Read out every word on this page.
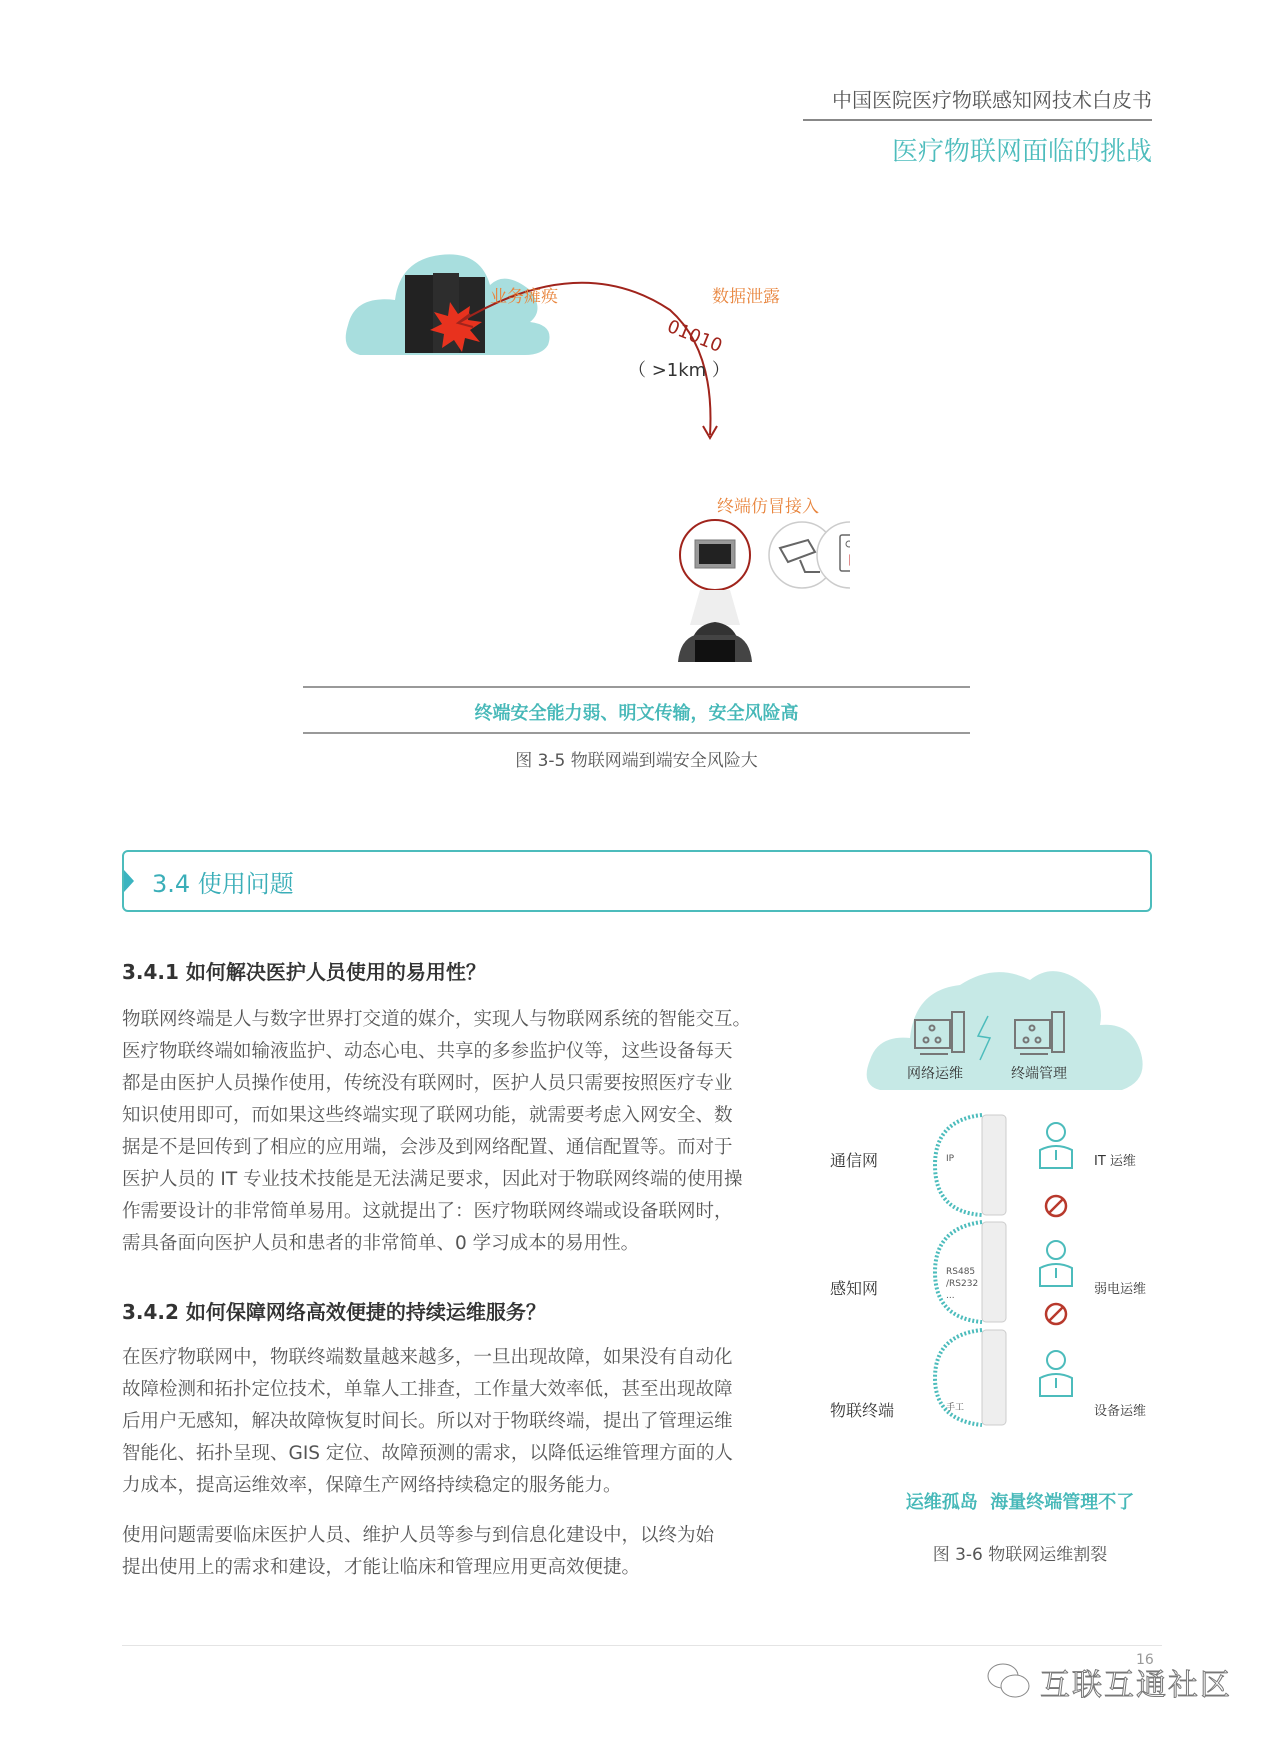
中国医院医疗物联感知网技术白皮书
医疗物联网面临的挑战
业务瘫痪	数据泄露
01010
（ >1km ）
终端仿冒接入
终端安全能力弱、明文传输，安全风险高
图 3-5 物联网端到端安全风险大
3.4 使用问题
3.4.1 如何解决医护人员使用的易用性？
物联网终端是人与数字世界打交道的媒介，实现人与物联网系统的智能交互。
医疗物联终端如输液监护、动态心电、共享的多参监护仪等，这些设备每天
都是由医护人员操作使用，传统没有联网时，医护人员只需要按照医疗专业
知识使用即可，而如果这些终端实现了联网功能，就需要考虑入网安全、数
据是不是回传到了相应的应用端，会涉及到网络配置、通信配置等。而对于
医护人员的 IT 专业技术技能是无法满足要求，因此对于物联网终端的使用操
作需要设计的非常简单易用。这就提出了：医疗物联网终端或设备联网时，
需具备面向医护人员和患者的非常简单、0 学习成本的易用性。
3.4.2 如何保障网络高效便捷的持续运维服务？
在医疗物联网中，物联终端数量越来越多，一旦出现故障，如果没有自动化
故障检测和拓扑定位技术，单靠人工排查，工作量大效率低，甚至出现故障
后用户无感知，解决故障恢复时间长。所以对于物联终端，提出了管理运维
智能化、拓扑呈现、GIS 定位、故障预测的需求，以降低运维管理方面的人
力成本，提高运维效率，保障生产网络持续稳定的服务能力。
使用问题需要临床医护人员、维护人员等参与到信息化建设中，以终为始
提出使用上的需求和建设，才能让临床和管理应用更高效便捷。
网络运维	终端管理
通信网	IP	IT 运维
感知网
RS485
/RS232
...	弱电运维
物联终端	手工	设备运维
运维孤岛  海量终端管理不了
图 3-6 物联网运维割裂
16
互联互通社区
